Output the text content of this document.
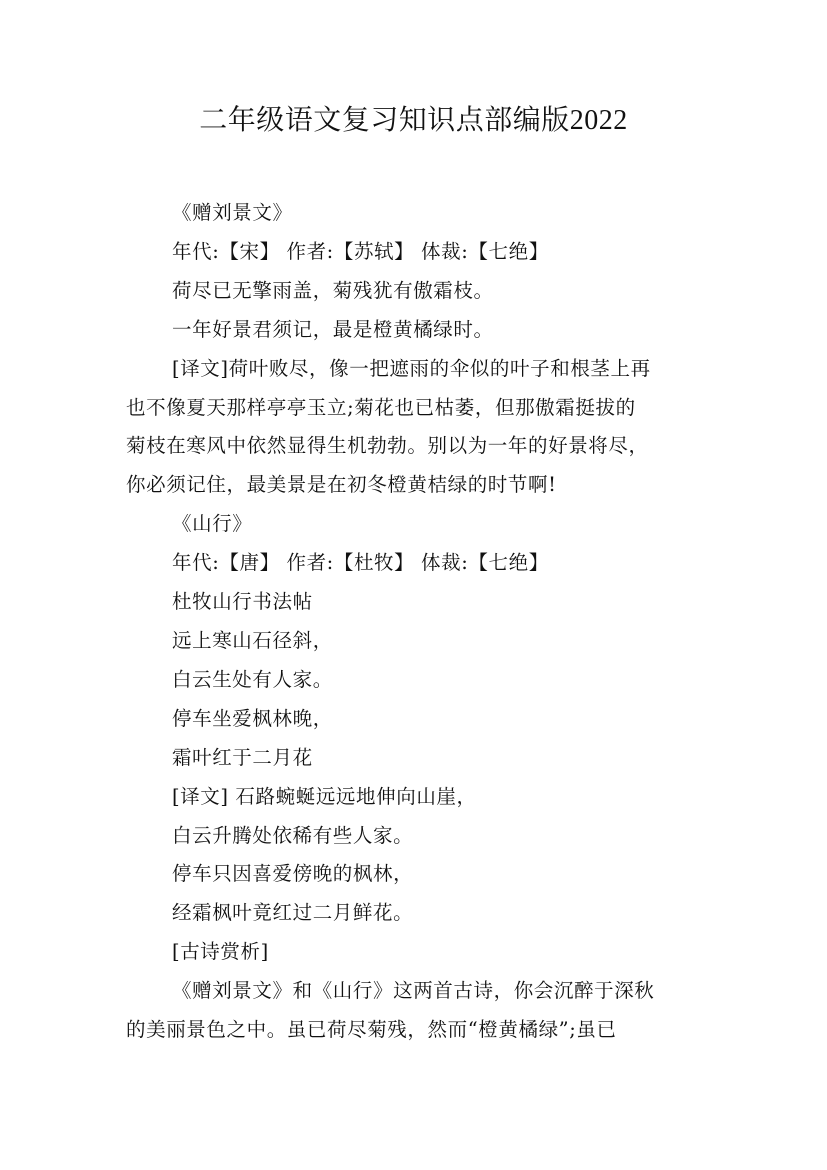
二年级语文复习知识点部编版2022

《赠刘景文》

年代:【宋】 作者:【苏轼】 体裁:【七绝】

荷尽已无擎雨盖，菊残犹有傲霜枝。

一年好景君须记，最是橙黄橘绿时。

[译文]荷叶败尽，像一把遮雨的伞似的叶子和根茎上再

也不像夏天那样亭亭玉立;菊花也已枯萎，但那傲霜挺拔的

菊枝在寒风中依然显得生机勃勃。别以为一年的好景将尽，

你必须记住，最美景是在初冬橙黄桔绿的时节啊!

《山行》

年代:【唐】 作者:【杜牧】 体裁:【七绝】

杜牧山行书法帖

远上寒山石径斜，

白云生处有人家。

停车坐爱枫林晚，

霜叶红于二月花

[译文] 石路蜿蜒远远地伸向山崖，

白云升腾处依稀有些人家。

停车只因喜爱傍晚的枫林，

经霜枫叶竟红过二月鲜花。

[古诗赏析]

《赠刘景文》和《山行》这两首古诗，你会沉醉于深秋

的美丽景色之中。虽已荷尽菊残，然而“橙黄橘绿”;虽已
